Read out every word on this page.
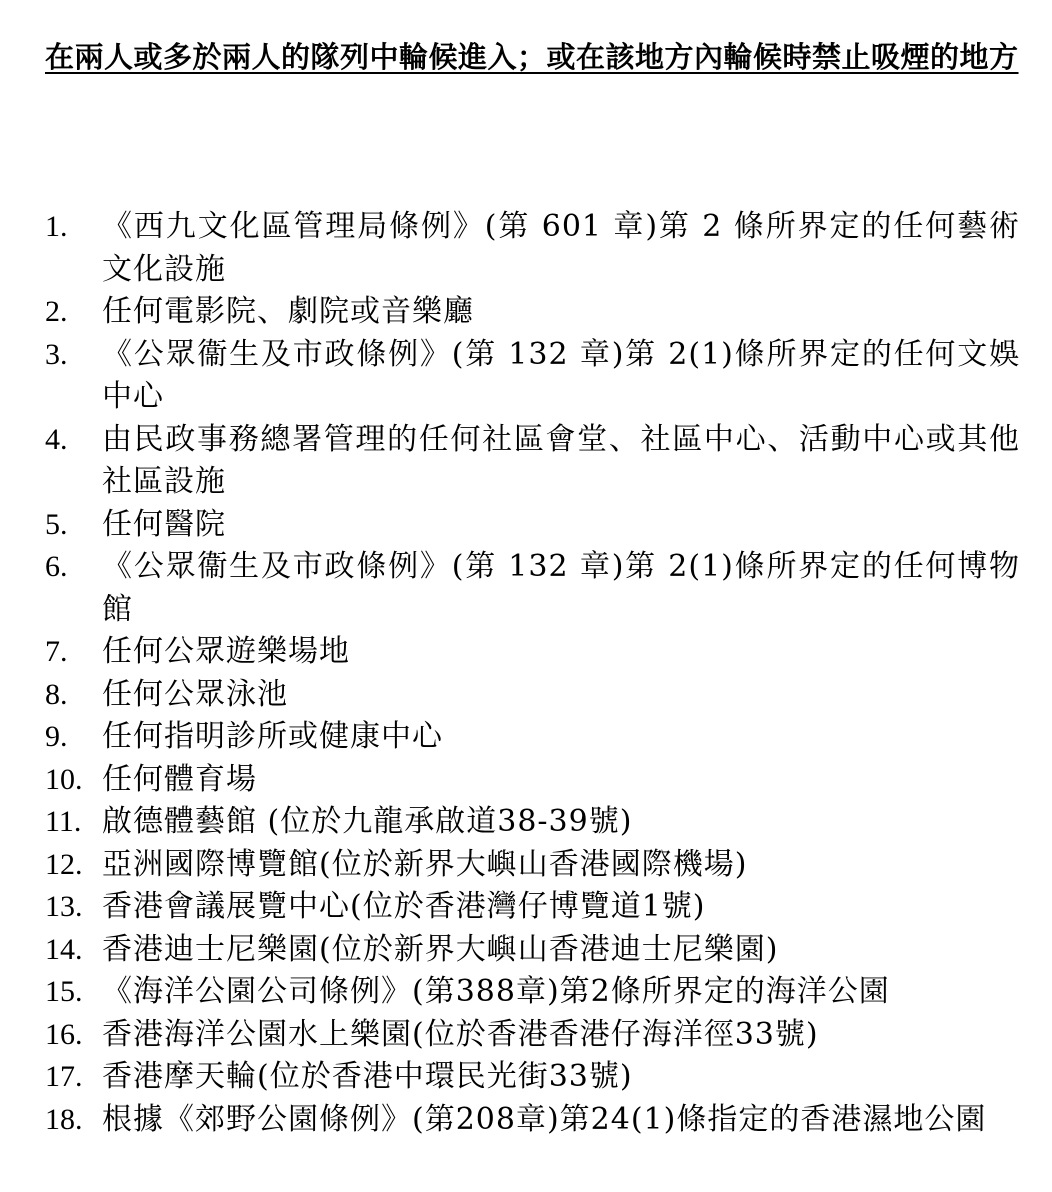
在兩人或多於兩人的隊列中輪候進入；或在該地方內輪候時禁止吸煙的地方
1.	《西九文化區管理局條例》(第 601 章)第 2 條所界定的任何藝術文化設施
2.	任何電影院、劇院或音樂廳
3.	《公眾衞生及市政條例》(第 132 章)第 2(1)條所界定的任何文娛中心
4.	由民政事務總署管理的任何社區會堂、社區中心、活動中心或其他社區設施
5.	任何醫院
6.	《公眾衞生及市政條例》(第 132 章)第 2(1)條所界定的任何博物館
7.	任何公眾遊樂場地
8.	任何公眾泳池
9.	任何指明診所或健康中心
10. 任何體育場
11. 啟德體藝館 (位於九龍承啟道38-39號)
12. 亞洲國際博覽館(位於新界大嶼山香港國際機場)
13. 香港會議展覽中心(位於香港灣仔博覽道1號)
14. 香港迪士尼樂園(位於新界大嶼山香港迪士尼樂園)
15. 《海洋公園公司條例》(第388章)第2條所界定的海洋公園
16. 香港海洋公園水上樂園(位於香港香港仔海洋徑33號)
17. 香港摩天輪(位於香港中環民光街33號)
18. 根據《郊野公園條例》(第208章)第24(1)條指定的香港濕地公園
